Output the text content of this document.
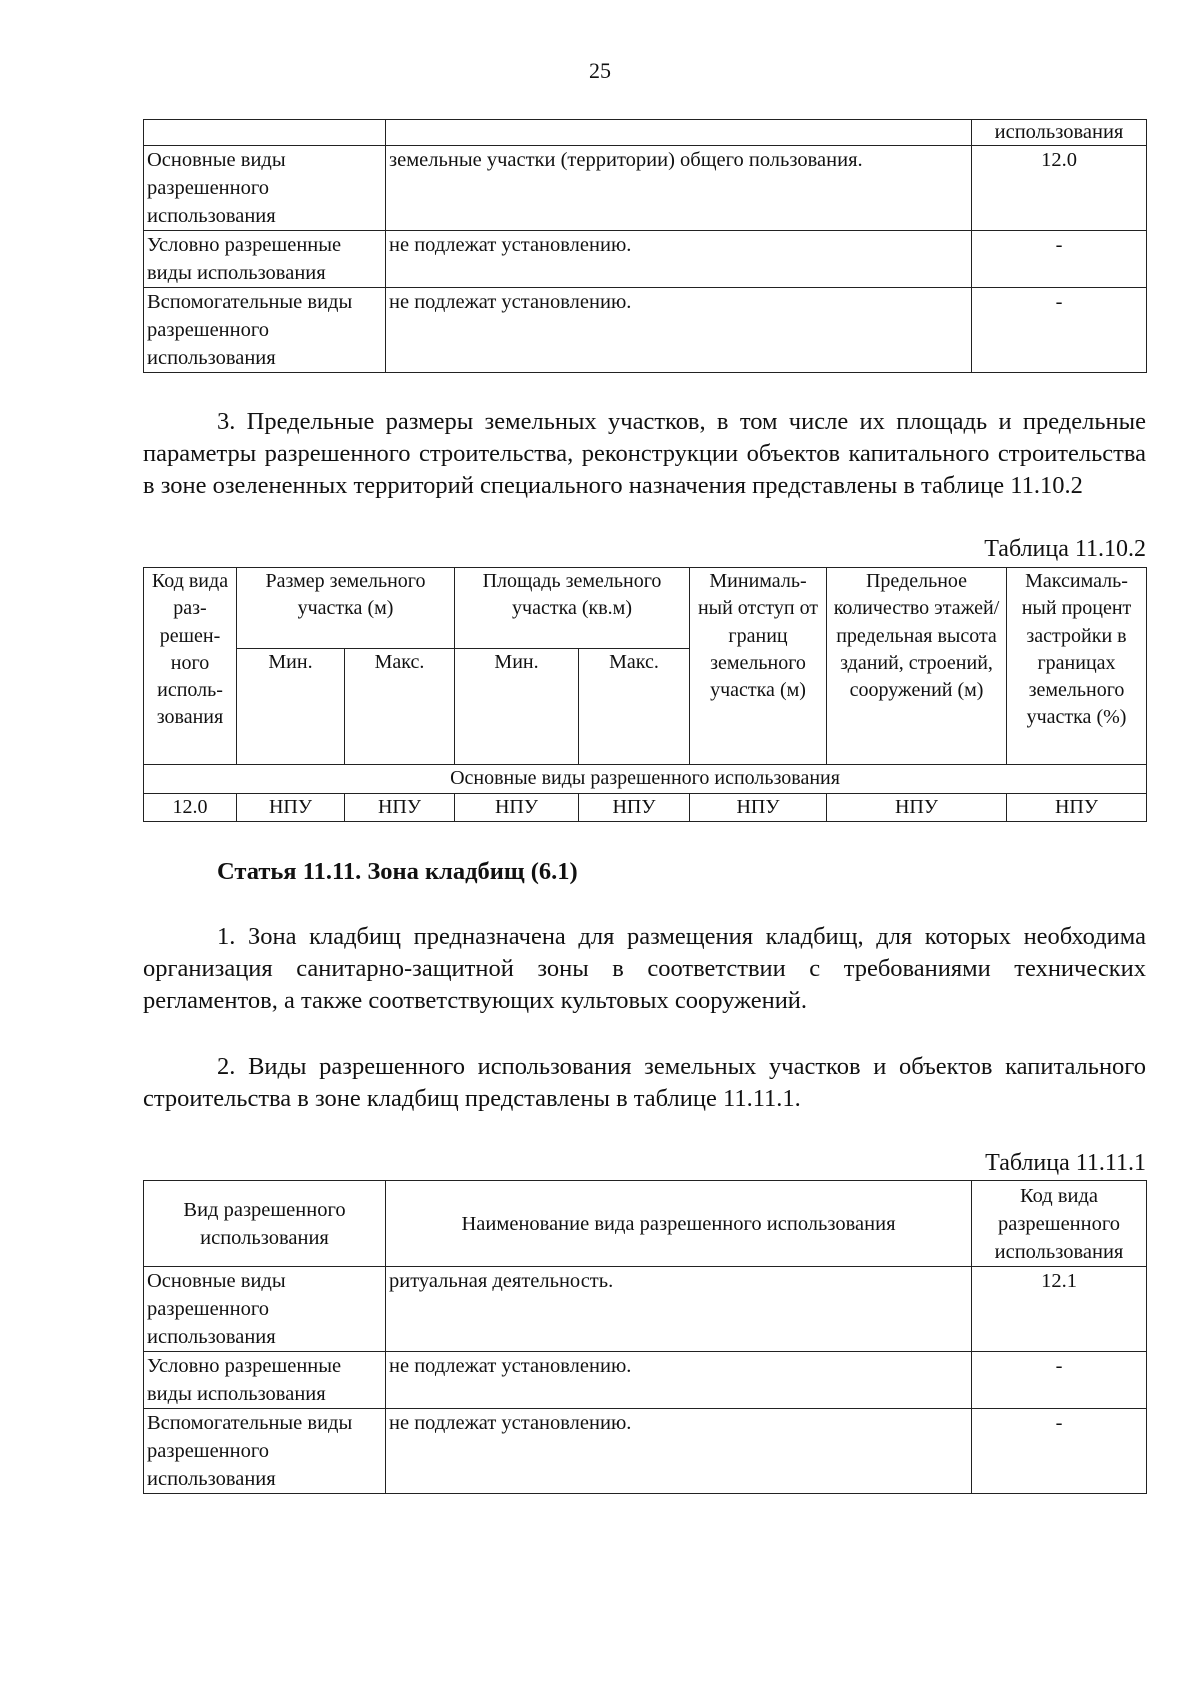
25
		использования
Основные виды разрешенного использования	земельные участки (территории) общего пользования.	12.0
Условно разрешенные виды использования	не подлежат установлению.	-
Вспомогательные виды разрешенного использования	не подлежат установлению.	-

3. Предельные размеры земельных участков, в том числе их площадь и предельные параметры разрешенного строительства, реконструкции объектов капитального строительства в зоне озелененных территорий специального назначения представлены в таблице 11.10.2

Таблица 11.10.2
Код вида раз- решен- ного исполь- зования	Размер земельного участка (м)		Площадь земельного участка (кв.м)		Минималь- ный отступ от границ земельного участка (м)	Предельное количество этажей/ предельная высота зданий, строений, сооружений (м)	Максималь- ный процент застройки в границах земельного участка (%)
	Мин.	Макс.	Мин.	Макс.			
Основные виды разрешенного использования							
12.0	НПУ	НПУ	НПУ	НПУ	НПУ	НПУ	НПУ
Статья 11.11. Зона кладбищ (6.1)

1. Зона кладбищ предназначена для размещения кладбищ, для которых необходима организация санитарно-защитной зоны в соответствии с требованиями технических регламентов, а также соответствующих культовых сооружений.

2. Виды разрешенного использования земельных участков и объектов капитального строительства в зоне кладбищ представлены в таблице 11.11.1.

Таблица 11.11.1
Вид разрешенного использования	Наименование вида разрешенного использования	Код вида разрешенного использования
Основные виды разрешенного использования	ритуальная деятельность.	12.1
Условно разрешенные виды использования	не подлежат установлению.	-
Вспомогательные виды разрешенного использования	не подлежат установлению.	-
